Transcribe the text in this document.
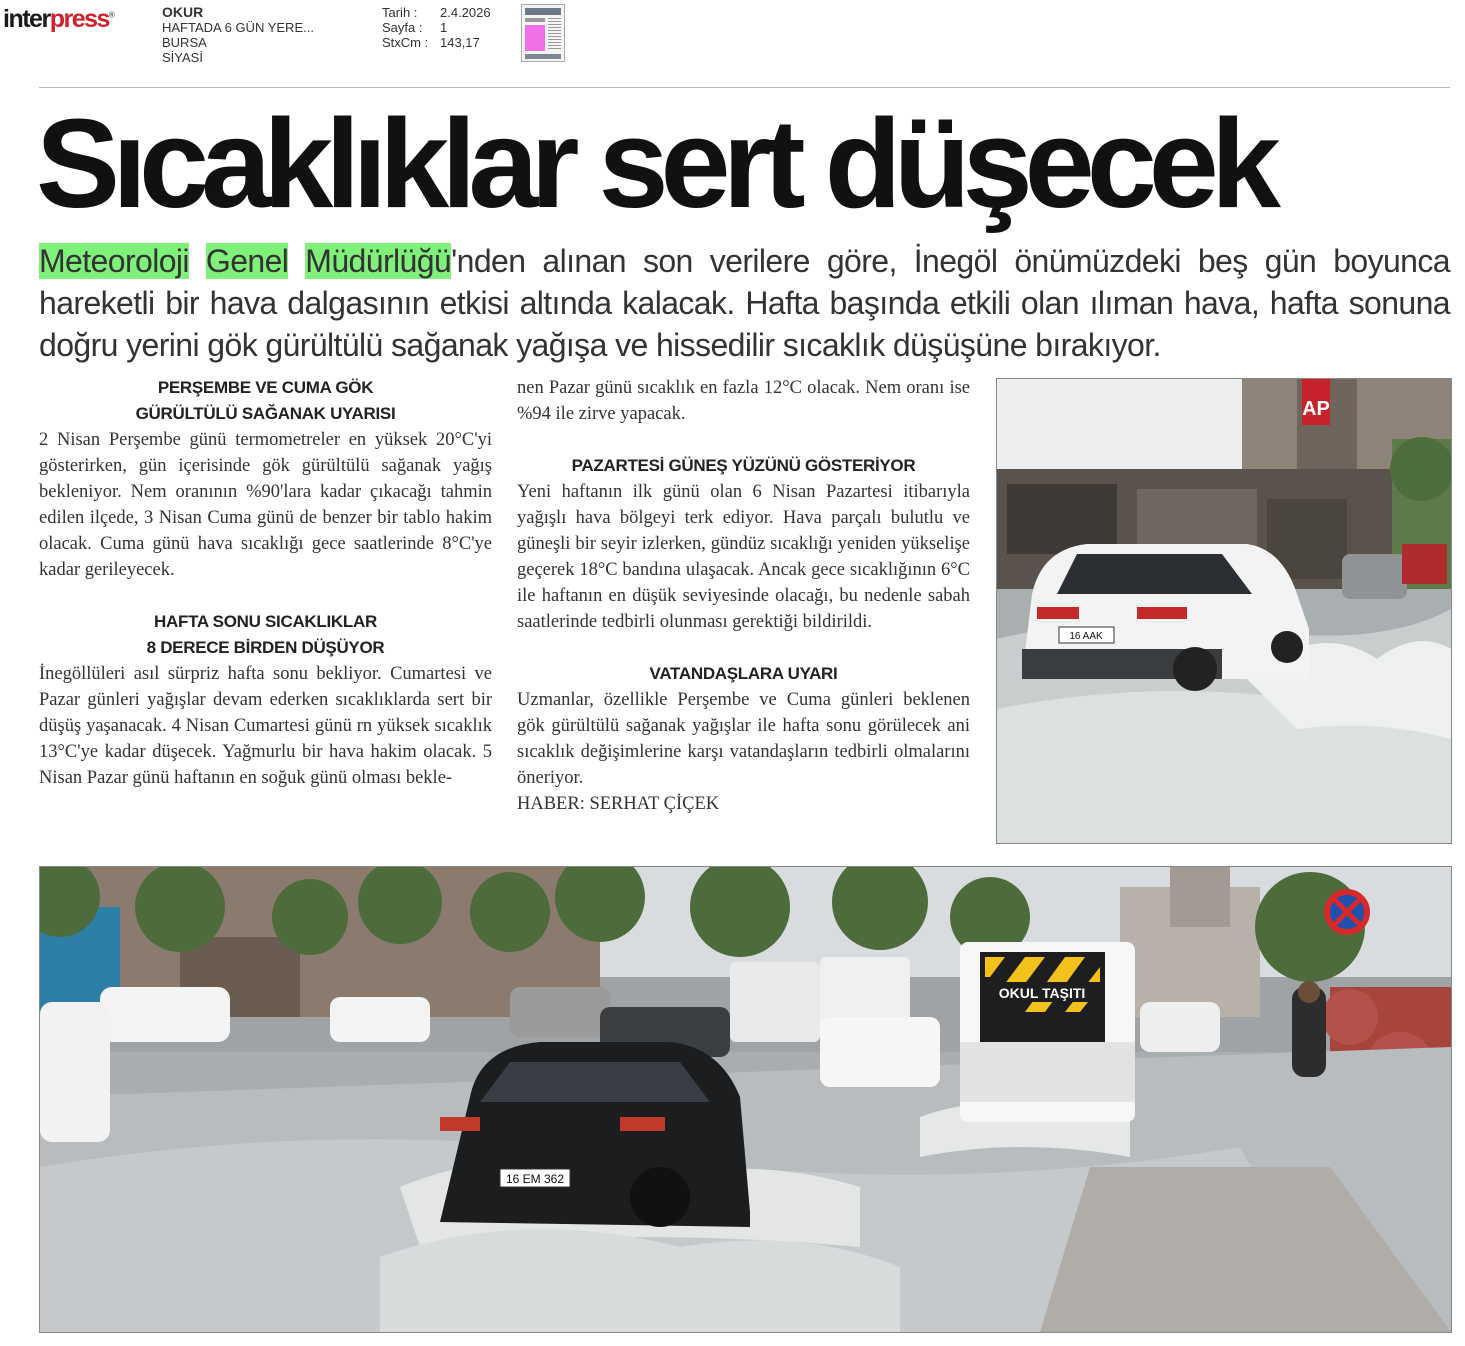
interpress®	OKUR
HAFTADA 6 GÜN YERE...
BURSA
SİYASİ
Tarih : 2.4.2026
Sayfa : 1
StxCm : 143,17
Sıcaklıklar sert düşecek

Meteoroloji Genel Müdürlüğü'nden alınan son verilere göre, İnegöl önümüzdeki beş gün boyunca hareketli bir hava dalgasının etkisi altında kalacak. Hafta başında etkili olan ılıman hava, hafta sonuna doğru yerini gök gürültülü sağanak yağışa ve hissedilir sıcaklık düşüşüne bırakıyor.

PERŞEMBE VE CUMA GÖK
GÜRÜLTÜLÜ SAĞANAK UYARISI

2 Nisan Perşembe günü termometreler en yüksek 20°C'yi gösterirken, gün içerisinde gök gürültülü sağanak yağış bekleniyor. Nem oranının %90'lara kadar çıkacağı tahmin edilen ilçede, 3 Nisan Cuma günü de benzer bir tablo hakim olacak. Cuma günü hava sıcaklığı gece saatlerinde 8°C'ye kadar gerileyecek.

HAFTA SONU SICAKLIKLAR
8 DERECE BİRDEN DÜŞÜYOR

İnegöllüleri asıl sürpriz hafta sonu bekliyor. Cumartesi ve Pazar günleri yağışlar devam ederken sıcaklıklarda sert bir düşüş yaşanacak. 4 Nisan Cumartesi günü rn yüksek sıcaklık 13°C'ye kadar düşecek. Yağmurlu bir hava hakim olacak. 5 Nisan Pazar günü haftanın en soğuk günü olması bekle-

nen Pazar günü sıcaklık en fazla 12°C olacak. Nem oranı ise %94 ile zirve yapacak.

PAZARTESİ GÜNEŞ YÜZÜNÜ GÖSTERİYOR

Yeni haftanın ilk günü olan 6 Nisan Pazartesi itibarıyla yağışlı hava bölgeyi terk ediyor. Hava parçalı bulutlu ve güneşli bir seyir izlerken, gündüz sıcaklığı yeniden yükselişe geçerek 18°C bandına ulaşacak. Ancak gece sıcaklığının 6°C ile haftanın en düşük seviyesinde olacağı, bu nedenle sabah saatlerinde tedbirli olunması gerektiği bildirildi.

VATANDAŞLARA UYARI

Uzmanlar, özellikle Perşembe ve Cuma günleri beklenen gök gürültülü sağanak yağışlar ile hafta sonu görülecek ani sıcaklık değişimlerine karşı vatandaşların tedbirli olmalarını öneriyor.

HABER: SERHAT ÇİÇEK

AP
16 AAK
OKUL TAŞITI
16 EM 362
